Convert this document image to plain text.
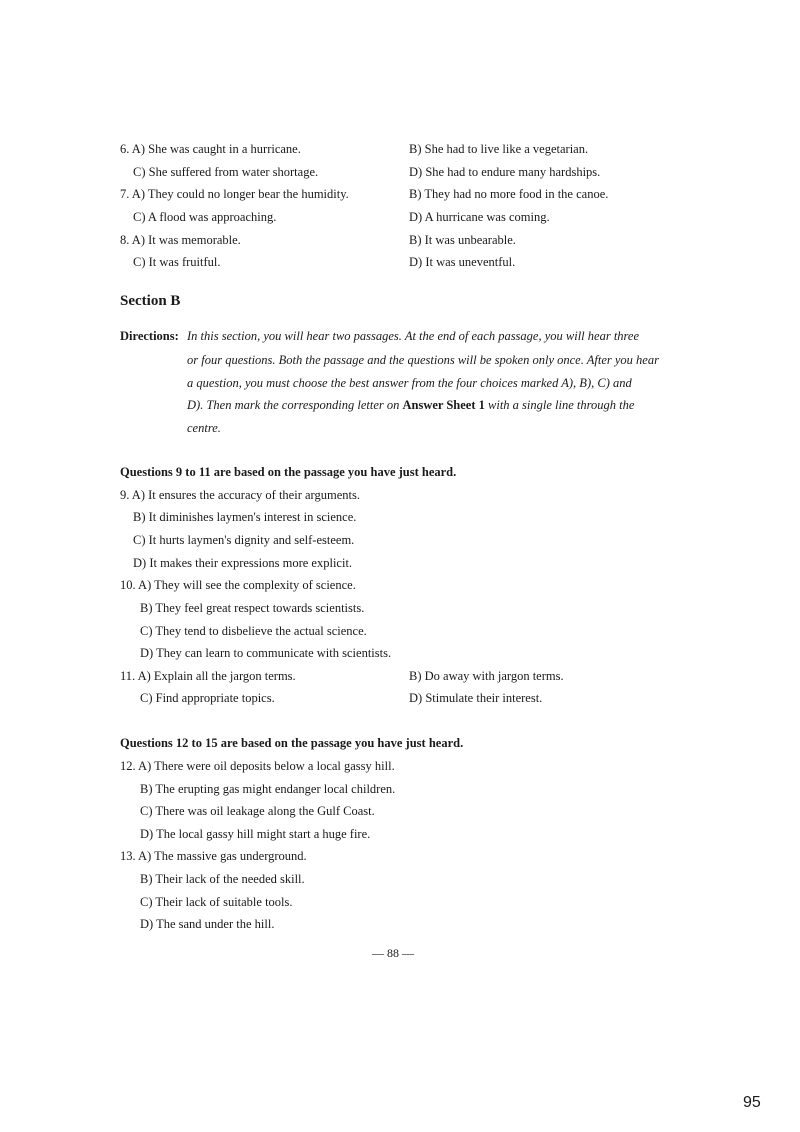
6. A) She was caught in a hurricane.	B) She had to live like a vegetarian.
C) She suffered from water shortage.	D) She had to endure many hardships.
7. A) They could no longer bear the humidity.	B) They had no more food in the canoe.
C) A flood was approaching.	D) A hurricane was coming.
8. A) It was memorable.	B) It was unbearable.
C) It was fruitful.	D) It was uneventful.
Section B
Directions: In this section, you will hear two passages. At the end of each passage, you will hear three
or four questions. Both the passage and the questions will be spoken only once. After you hear
a question, you must choose the best answer from the four choices marked A), B), C) and
D). Then mark the corresponding letter on Answer Sheet 1 with a single line through the
centre.
Questions 9 to 11 are based on the passage you have just heard.
9. A) It ensures the accuracy of their arguments.
B) It diminishes laymen's interest in science.
C) It hurts laymen's dignity and self-esteem.
D) It makes their expressions more explicit.
10. A) They will see the complexity of science.
B) They feel great respect towards scientists.
C) They tend to disbelieve the actual science.
D) They can learn to communicate with scientists.
11. A) Explain all the jargon terms.	B) Do away with jargon terms.
C) Find appropriate topics.	D) Stimulate their interest.
Questions 12 to 15 are based on the passage you have just heard.
12. A) There were oil deposits below a local gassy hill.
B) The erupting gas might endanger local children.
C) There was oil leakage along the Gulf Coast.
D) The local gassy hill might start a huge fire.
13. A) The massive gas underground.
B) Their lack of the needed skill.
C) Their lack of suitable tools.
D) The sand under the hill.
— 88 —
95
